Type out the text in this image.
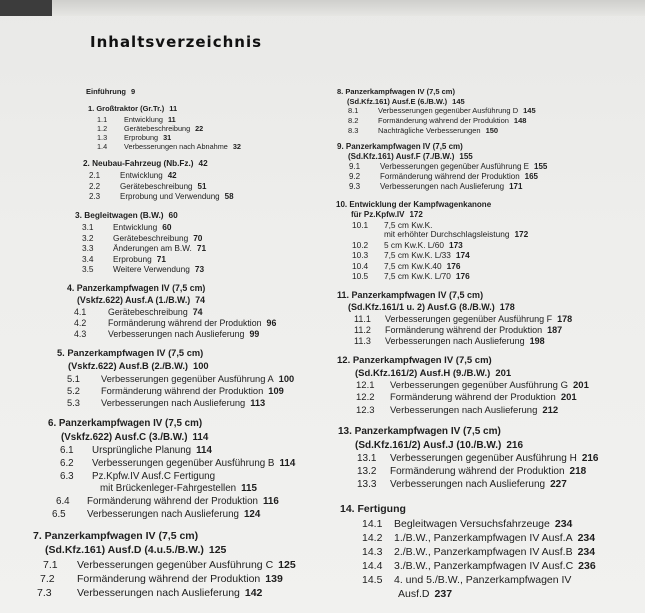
Inhaltsverzeichnis
Einführung 9
1. Großtraktor (Gr.Tr.) 11
1.1 Entwicklung 11
1.2 Gerätebeschreibung 22
1.3 Erprobung 31
1.4 Verbesserungen nach Abnahme 32
2. Neubau-Fahrzeug (Nb.Fz.) 42
2.1 Entwicklung 42
2.2 Gerätebeschreibung 51
2.3 Erprobung und Verwendung 58
3. Begleitwagen (B.W.) 60
3.1 Entwicklung 60
3.2 Gerätebeschreibung 70
3.3 Änderungen am B.W. 71
3.4 Erprobung 71
3.5 Weitere Verwendung 73
4. Panzerkampfwagen IV (7,5 cm)
(Vskfz.622) Ausf.A (1./B.W.) 74
4.1 Gerätebeschreibung 74
4.2 Formänderung während der Produktion 96
4.3 Verbesserungen nach Auslieferung 99
5. Panzerkampfwagen IV (7,5 cm)
(Vskfz.622) Ausf.B (2./B.W.) 100
5.1 Verbesserungen gegenüber Ausführung A 100
5.2 Formänderung während der Produktion 109
5.3 Verbesserungen nach Auslieferung 113
6. Panzerkampfwagen IV (7,5 cm)
(Vskfz.622) Ausf.C (3./B.W.) 114
6.1 Ursprüngliche Planung 114
6.2 Verbesserungen gegenüber Ausführung B 114
6.3 Pz.Kpfw.IV Ausf.C Fertigung
mit Brückenleger-Fahrgestellen 115
6.4 Formänderung während der Produktion 116
6.5 Verbesserungen nach Auslieferung 124
7. Panzerkampfwagen IV (7,5 cm)
(Sd.Kfz.161) Ausf.D (4.u.5./B.W.) 125
7.1 Verbesserungen gegenüber Ausführung C 125
7.2 Formänderung während der Produktion 139
7.3 Verbesserungen nach Auslieferung 142
8. Panzerkampfwagen IV (7,5 cm)
(Sd.Kfz.161) Ausf.E (6./B.W.) 145
8.1	Verbesserungen gegenüber Ausführung D 145
8.2	Formänderung während der Produktion 148
8.3	Nachträgliche Verbesserungen 150
9. Panzerkampfwagen IV (7,5 cm)
(Sd.Kfz.161) Ausf.F (7./B.W.) 155
9.1 Verbesserungen gegenüber Ausführung E 155
9.2 Formänderung während der Produktion 165
9.3 Verbesserungen nach Auslieferung 171
10. Entwicklung der Kampfwagenkanone
für Pz.Kpfw.IV 172
10.1 7,5 cm Kw.K.
mit erhöhter Durchschlagsleistung 172
10.2 5 cm Kw.K. L/60 173
10.3 7,5 cm Kw.K. L/33 174
10.4 7,5 cm Kw.K.40 176
10.5 7,5 cm Kw.K. L/70 176
11. Panzerkampfwagen IV (7,5 cm)
(Sd.Kfz.161/1 u. 2) Ausf.G (8./B.W.) 178
11.1 Verbesserungen gegenüber Ausführung F 178
11.2 Formänderung während der Produktion 187
11.3 Verbesserungen nach Auslieferung 198
12. Panzerkampfwagen IV (7,5 cm)
(Sd.Kfz.161/2) Ausf.H (9./B.W.) 201
12.1 Verbesserungen gegenüber Ausführung G 201
12.2 Formänderung während der Produktion 201
12.3 Verbesserungen nach Auslieferung 212
13. Panzerkampfwagen IV (7,5 cm)
(Sd.Kfz.161/2) Ausf.J (10./B.W.) 216
13.1 Verbesserungen gegenüber Ausführung H 216
13.2 Formänderung während der Produktion 218
13.3 Verbesserungen nach Auslieferung 227
14. Fertigung
14.1 Begleitwagen Versuchsfahrzeuge 234
14.2 1./B.W., Panzerkampfwagen IV Ausf.A 234
14.3 2./B.W., Panzerkampfwagen IV Ausf.B 234
14.4 3./B.W., Panzerkampfwagen IV Ausf.C 236
14.5 4. und 5./B.W., Panzerkampfwagen IV
Ausf.D 237
